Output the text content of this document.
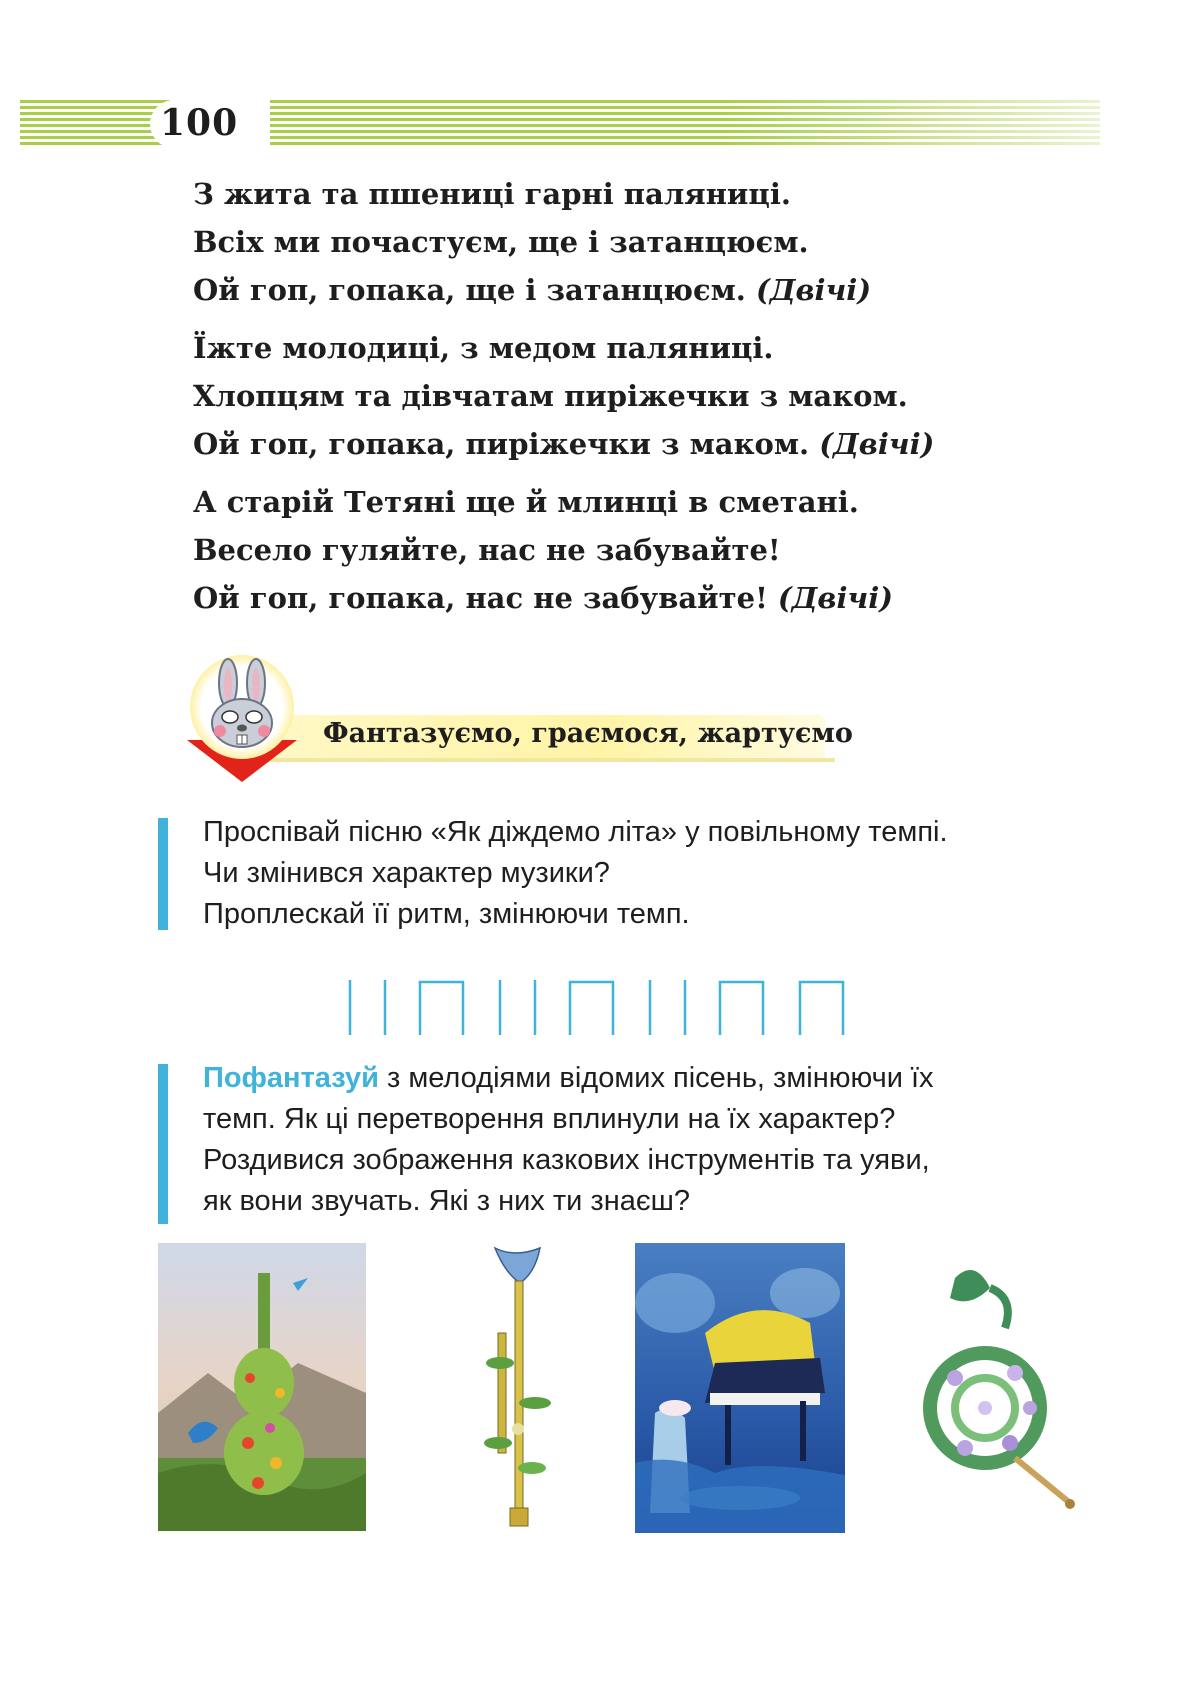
100
З жита та пшениці гарні паляниці.
Всіх ми почастуєм, ще і затанцюєм.
Ой гоп, гопака, ще і затанцюєм. (Двічі)
Їжте молодиці, з медом паляниці.
Хлопцям та дівчатам пиріжечки з маком.
Ой гоп, гопака, пиріжечки з маком. (Двічі)
А старій Тетяні ще й млинці в сметані.
Весело гуляйте, нас не забувайте!
Ой гоп, гопака, нас не забувайте! (Двічі)
Фантазуємо, граємося, жартуємо
Проспівай пісню «Як діждемо літа» у повільному темпі.
Чи змінився характер музики?
Проплескай її ритм, змінюючи темп.
Пофантазуй з мелодіями відомих пісень, змінюючи їх
темп. Як ці перетворення вплинули на їх характер?
Роздивися зображення казкових інструментів та уяви,
як вони звучать. Які з них ти знаєш?
